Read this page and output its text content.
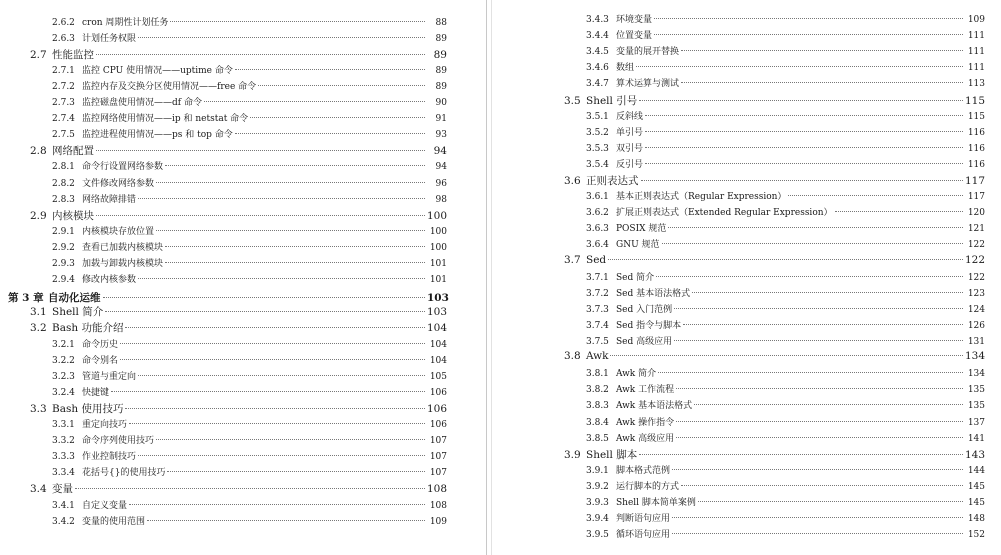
2.6.2 cron 周期性计划任务	88
2.6.3 计划任务权限	89
2.7 性能监控	89
2.7.1 监控 CPU 使用情况——uptime 命令	89
2.7.2 监控内存及交换分区使用情况——free 命令	89
2.7.3 监控磁盘使用情况——df 命令	90
2.7.4 监控网络使用情况——ip 和 netstat 命令	91
2.7.5 监控进程使用情况——ps 和 top 命令	93
2.8 网络配置	94
2.8.1 命令行设置网络参数	94
2.8.2 文件修改网络参数	96
2.8.3 网络故障排错	98
2.9 内核模块	100
2.9.1 内核模块存放位置	100
2.9.2 查看已加载内核模块	100
2.9.3 加载与卸载内核模块	101
2.9.4 修改内核参数	101
第 3 章 自动化运维	103
3.1 Shell 简介	103
3.2 Bash 功能介绍	104
3.2.1 命令历史	104
3.2.2 命令别名	104
3.2.3 管道与重定向	105
3.2.4 快捷键	106
3.3 Bash 使用技巧	106
3.3.1 重定向技巧	106
3.3.2 命令序列使用技巧	107
3.3.3 作业控制技巧	107
3.3.4 花括号{}的使用技巧	107
3.4 变量	108
3.4.1 自定义变量	108
3.4.2 变量的使用范围	109
3.4.3 环境变量	109
3.4.4 位置变量	111
3.4.5 变量的展开替换	111
3.4.6 数组	111
3.4.7 算术运算与测试	113
3.5 Shell 引号	115
3.5.1 反斜线	115
3.5.2 单引号	116
3.5.3 双引号	116
3.5.4 反引号	116
3.6 正则表达式	117
3.6.1 基本正则表达式（Regular Expression）	117
3.6.2 扩展正则表达式（Extended Regular Expression）	120
3.6.3 POSIX 规范	121
3.6.4 GNU 规范	122
3.7 Sed	122
3.7.1 Sed 简介	122
3.7.2 Sed 基本语法格式	123
3.7.3 Sed 入门范例	124
3.7.4 Sed 指令与脚本	126
3.7.5 Sed 高级应用	131
3.8 Awk	134
3.8.1 Awk 简介	134
3.8.2 Awk 工作流程	135
3.8.3 Awk 基本语法格式	135
3.8.4 Awk 操作指令	137
3.8.5 Awk 高级应用	141
3.9 Shell 脚本	143
3.9.1 脚本格式范例	144
3.9.2 运行脚本的方式	145
3.9.3 Shell 脚本简单案例	145
3.9.4 判断语句应用	148
3.9.5 循环语句应用	152
